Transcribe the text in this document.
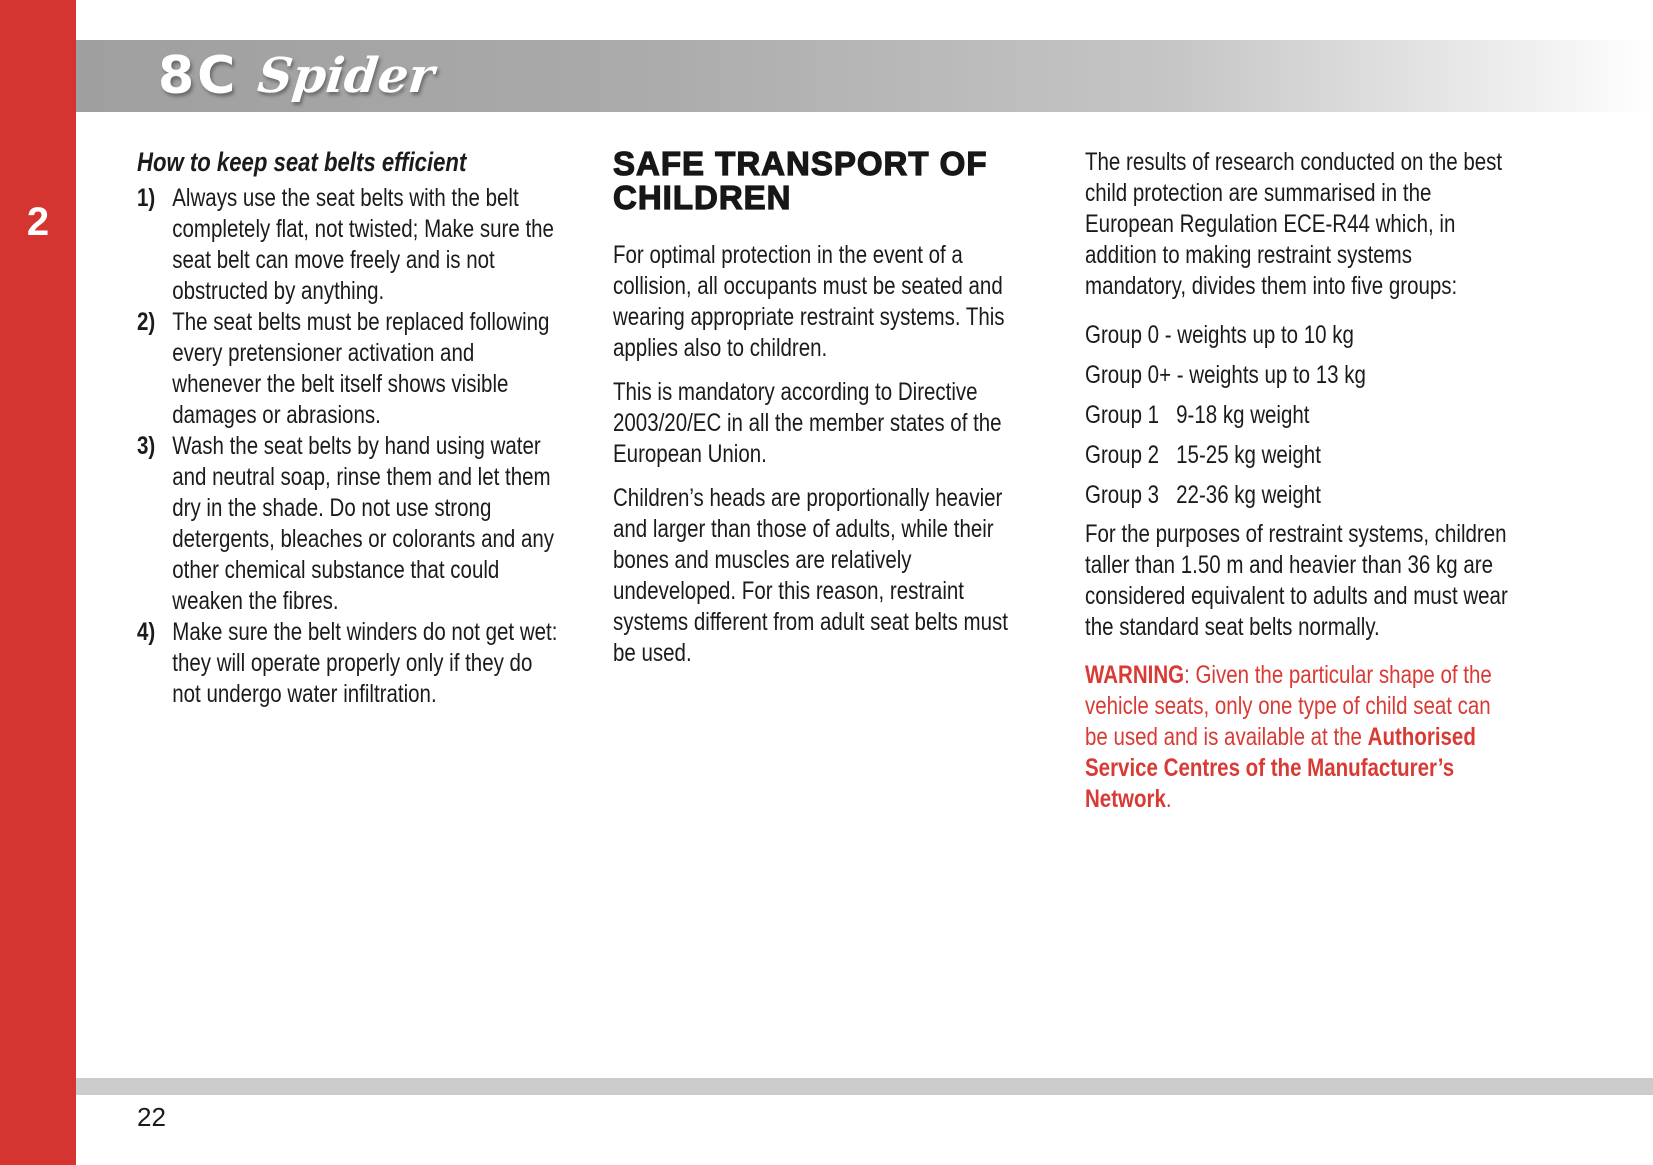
2
8C Spider
How to keep seat belts efficient
1) Always use the seat belts with the belt completely flat, not twisted; Make sure the seat belt can move freely and is not obstructed by anything.
2) The seat belts must be replaced following every pretensioner activation and whenever the belt itself shows visible damages or abrasions.
3) Wash the seat belts by hand using water and neutral soap, rinse them and let them dry in the shade. Do not use strong detergents, bleaches or colorants and any other chemical substance that could weaken the fibres.
4) Make sure the belt winders do not get wet: they will operate properly only if they do not undergo water infiltration.
SAFE TRANSPORT OF
CHILDREN

For optimal protection in the event of a collision, all occupants must be seated and wearing appropriate restraint systems. This applies also to children.

This is mandatory according to Directive 2003/20/EC in all the member states of the European Union.

Children’s heads are proportionally heavier and larger than those of adults, while their bones and muscles are relatively undeveloped. For this reason, restraint systems different from adult seat belts must be used.

The results of research conducted on the best child protection are summarised in the European Regulation ECE-R44 which, in addition to making restraint systems mandatory, divides them into five groups:

Group 0 - weights up to 10 kg
Group 0+ - weights up to 13 kg
Group 1   9-18 kg weight
Group 2   15-25 kg weight
Group 3   22-36 kg weight

For the purposes of restraint systems, children taller than 1.50 m and heavier than 36 kg are considered equivalent to adults and must wear the standard seat belts normally.

WARNING: Given the particular shape of the vehicle seats, only one type of child seat can be used and is available at the Authorised Service Centres of the Manufacturer’s Network.

22
